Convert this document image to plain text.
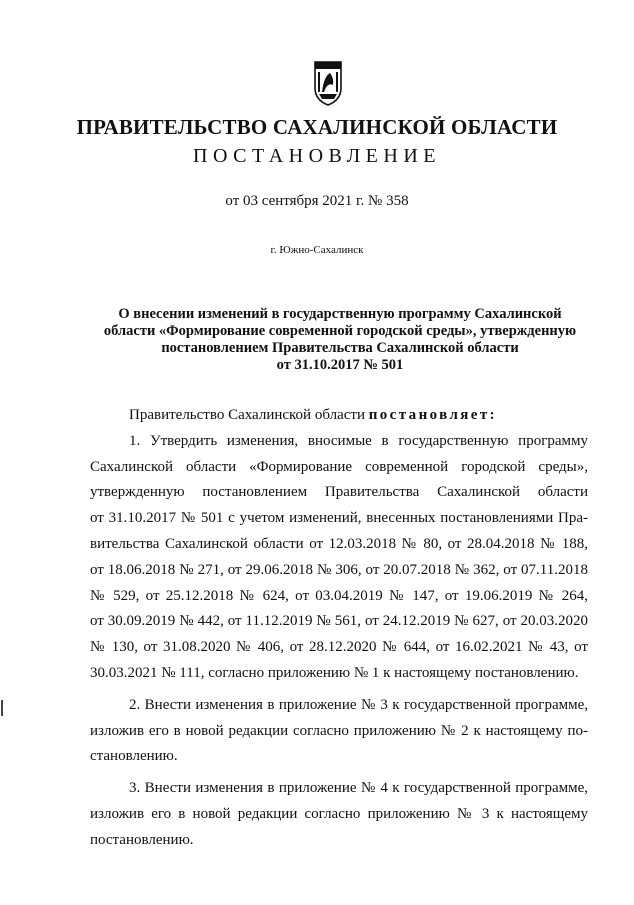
ПРАВИТЕЛЬСТВО САХАЛИНСКОЙ ОБЛАСТИ
ПОСТАНОВЛЕНИЕ
от 03 сентября 2021 г. № 358
г. Южно-Сахалинск
О внесении изменений в государственную программу Сахалинской
области «Формирование современной городской среды», утвержденную
постановлением Правительства Сахалинской области
от 31.10.2017 № 501
Правительство Сахалинской области постановляет:
1. Утвердить изменения, вносимые в государственную программу
Сахалинской области «Формирование современной городской среды»,
утвержденную постановлением Правительства Сахалинской области
от 31.10.2017 № 501 с учетом изменений, внесенных постановлениями Пра-
вительства Сахалинской области от 12.03.2018 № 80, от 28.04.2018 № 188,
от 18.06.2018 № 271, от 29.06.2018 № 306, от 20.07.2018 № 362, от 07.11.2018
№ 529, от 25.12.2018 № 624, от 03.04.2019 № 147, от 19.06.2019 № 264,
от 30.09.2019 № 442, от 11.12.2019 № 561, от 24.12.2019 № 627, от 20.03.2020
№ 130, от 31.08.2020 № 406, от 28.12.2020 № 644, от 16.02.2021 № 43, от
30.03.2021 № 111, согласно приложению № 1 к настоящему постановлению.
2. Внести изменения в приложение № 3 к государственной программе,
изложив его в новой редакции согласно приложению № 2 к настоящему по-
становлению.
3. Внести изменения в приложение № 4 к государственной программе,
изложив его в новой редакции согласно приложению № 3 к настоящему
постановлению.
